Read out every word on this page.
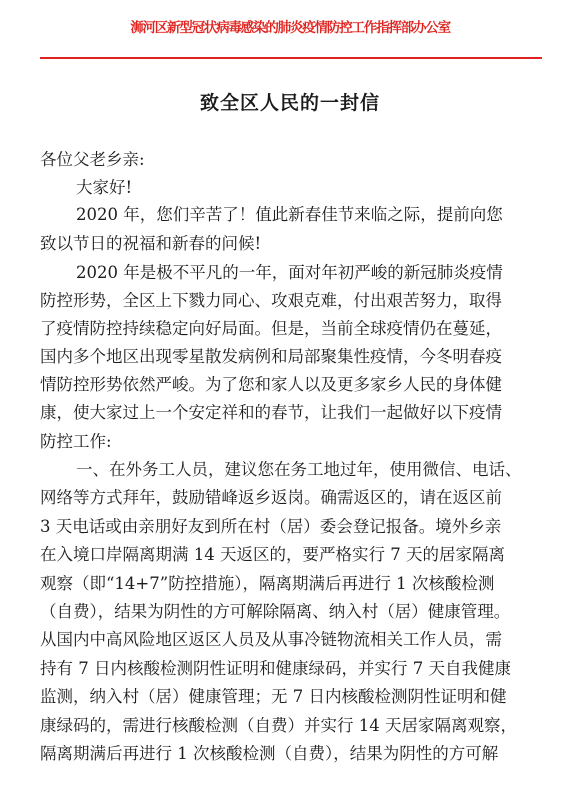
浉河区新型冠状病毒感染的肺炎疫情防控工作指挥部办公室
致全区人民的一封信
各位父老乡亲:
大家好!
2020 年，您们辛苦了！值此新春佳节来临之际，提前向您
致以节日的祝福和新春的问候!
2020 年是极不平凡的一年，面对年初严峻的新冠肺炎疫情
防控形势，全区上下戮力同心、攻艰克难，付出艰苦努力，取得
了疫情防控持续稳定向好局面。但是，当前全球疫情仍在蔓延，
国内多个地区出现零星散发病例和局部聚集性疫情，今冬明春疫
情防控形势依然严峻。为了您和家人以及更多家乡人民的身体健
康，使大家过上一个安定祥和的春节，让我们一起做好以下疫情
防控工作:
一、在外务工人员，建议您在务工地过年，使用微信、电话、
网络等方式拜年，鼓励错峰返乡返岗。确需返区的，请在返区前
3 天电话或由亲朋好友到所在村（居）委会登记报备。境外乡亲
在入境口岸隔离期满 14 天返区的，要严格实行 7 天的居家隔离
观察（即“14+7”防控措施），隔离期满后再进行 1 次核酸检测
（自费），结果为阴性的方可解除隔离、纳入村（居）健康管理。
从国内中高风险地区返区人员及从事冷链物流相关工作人员，需
持有 7 日内核酸检测阴性证明和健康绿码，并实行 7 天自我健康
监测，纳入村（居）健康管理；无 7 日内核酸检测阴性证明和健
康绿码的，需进行核酸检测（自费）并实行 14 天居家隔离观察，
隔离期满后再进行 1 次核酸检测（自费），结果为阴性的方可解
